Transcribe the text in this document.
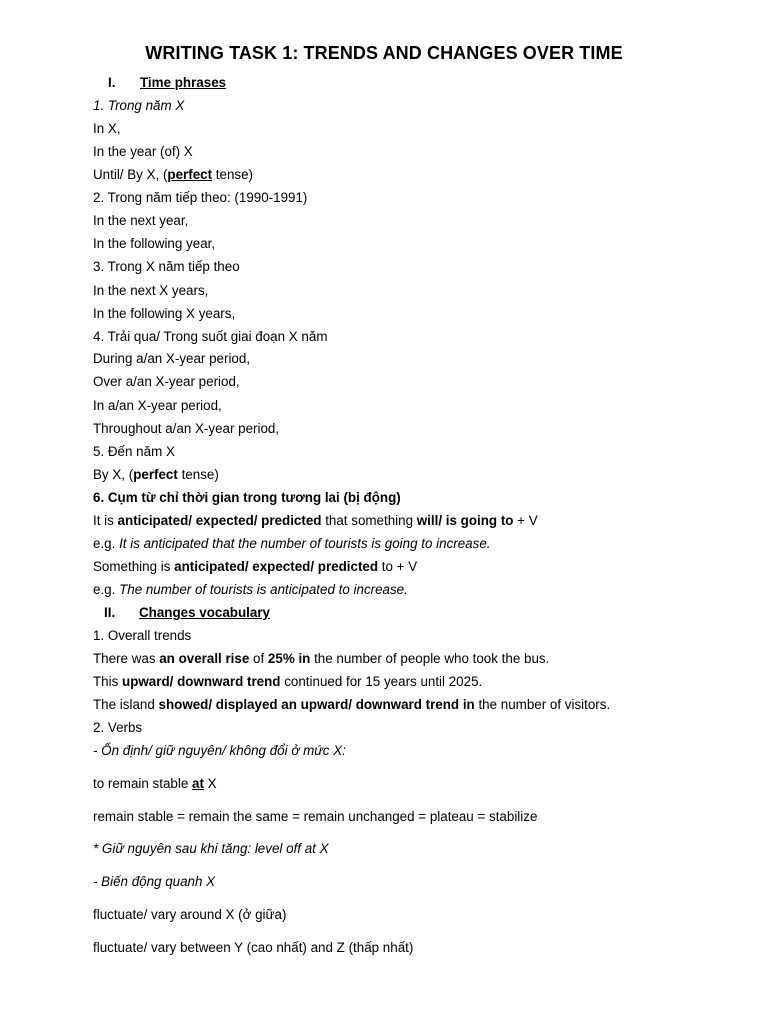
WRITING TASK 1: TRENDS AND CHANGES OVER TIME
I. Time phrases
1. Trong năm X
In X,
In the year (of) X
Until/ By X, (perfect tense)
2. Trong năm tiếp theo: (1990-1991)
In the next year,
In the following year,
3. Trong X năm tiếp theo
In the next X years,
In the following X years,
4. Trải qua/ Trong suốt giai đoạn X năm
During a/an X-year period,
Over a/an X-year period,
In a/an X-year period,
Throughout a/an X-year period,
5. Đến năm X
By X, (perfect tense)
6. Cụm từ chỉ thời gian trong tương lai (bị động)
It is anticipated/ expected/ predicted that something will/ is going to + V
e.g. It is anticipated that the number of tourists is going to increase.
Something is anticipated/ expected/ predicted to + V
e.g. The number of tourists is anticipated to increase.
II. Changes vocabulary
1. Overall trends
There was an overall rise of 25% in the number of people who took the bus.
This upward/ downward trend continued for 15 years until 2025.
The island showed/ displayed an upward/ downward trend in the number of visitors.
2. Verbs
- Ổn định/ giữ nguyên/ không đổi ở mức X:
to remain stable at X
remain stable = remain the same = remain unchanged = plateau = stabilize
* Giữ nguyên sau khi tăng: level off at X
- Biến động quanh X
fluctuate/ vary around X (ở giữa)
fluctuate/ vary between Y (cao nhất) and Z (thấp nhất)
